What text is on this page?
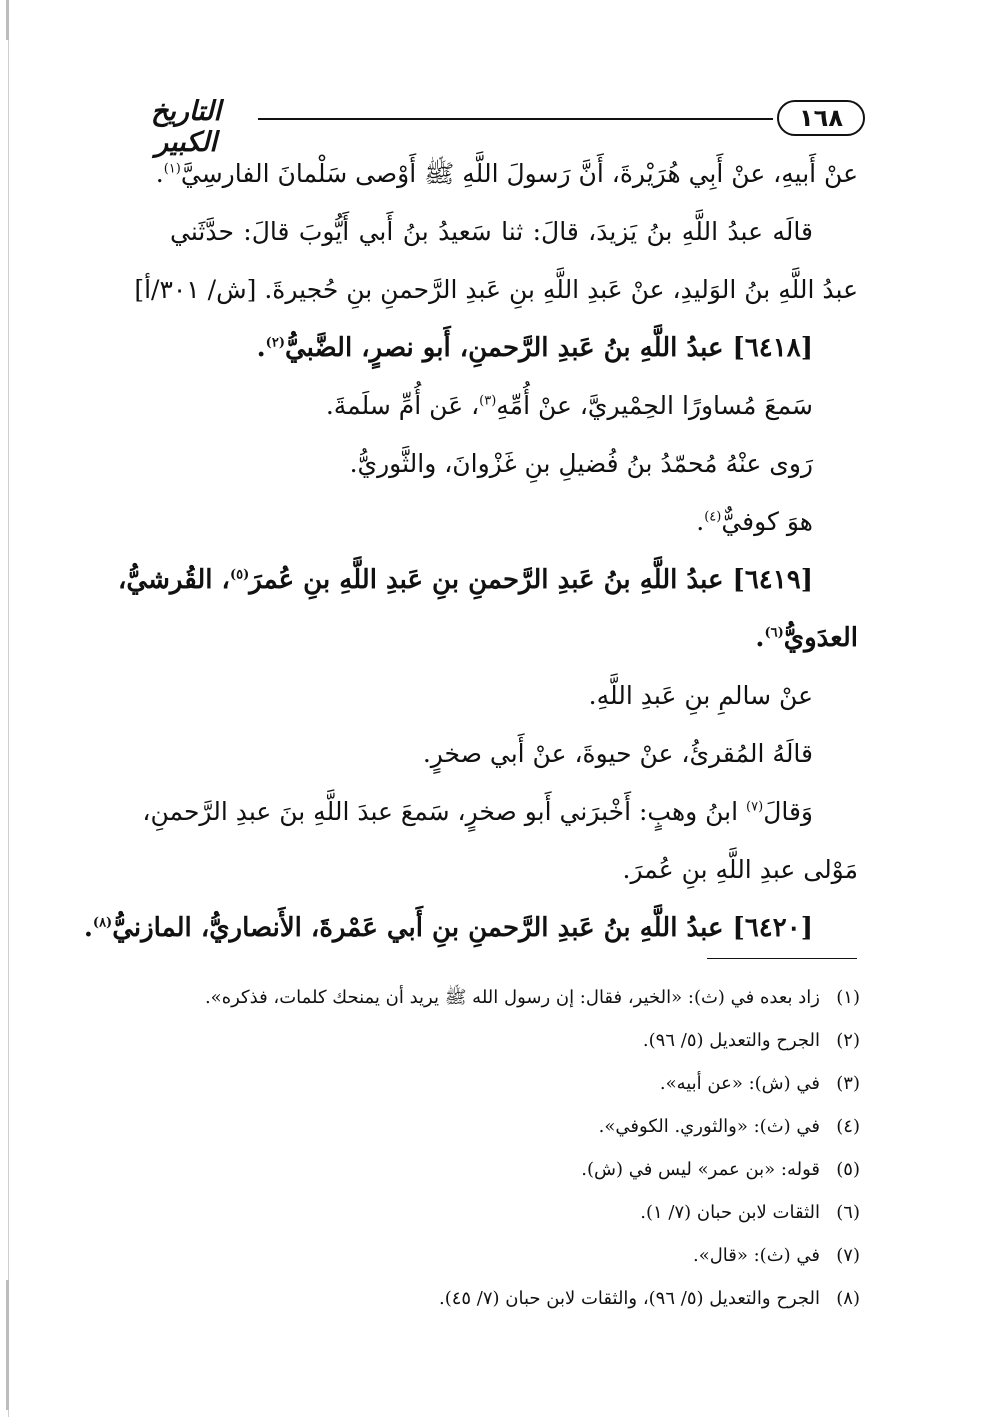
التاريخ الكبير
١٦٨
عنْ أَبيهِ، عنْ أَبِي هُرَيْرةَ، أَنَّ رَسولَ اللَّهِ ﷺ أَوْصى سَلْمانَ الفارسِيَّ$^{(١)}$.
قالَه عبدُ اللَّهِ بنُ يَزيدَ، قالَ: ثنا سَعيدُ بنُ أَبي أَيُّوبَ قالَ: حدَّثَني
عبدُ اللَّهِ بنُ الوَليدِ، عنْ عَبدِ اللَّهِ بنِ عَبدِ الرَّحمنِ بنِ حُجيرةَ. [ش/ ٣٠١/أ]
[٦٤١٨] عبدُ اللَّهِ بنُ عَبدِ الرَّحمنِ، أَبو نصرٍ، الضَّبيُّ$^{(٢)}$.
سَمعَ مُساورًا الحِمْيريَّ، عنْ أُمِّهِ$^{(٣)}$، عَن أُمِّ سلَمةَ.
رَوى عنْهُ مُحمّدُ بنُ فُضيلِ بنِ غَزْوانَ، والثَّوريُّ.
هوَ كوفيٌّ$^{(٤)}$.
[٦٤١٩] عبدُ اللَّهِ بنُ عَبدِ الرَّحمنِ بنِ عَبدِ اللَّهِ بنِ عُمرَ$^{(٥)}$، القُرشيُّ،
العدَويُّ$^{(٦)}$.
عنْ سالمِ بنِ عَبدِ اللَّهِ.
قالَهُ المُقرئُ، عنْ حيوةَ، عنْ أَبي صخرٍ.
وَقالَ$^{(٧)}$ ابنُ وهبٍ: أَخْبرَني أَبو صخرٍ، سَمعَ عبدَ اللَّهِ بنَ عبدِ الرَّحمنِ،
مَوْلى عبدِ اللَّهِ بنِ عُمرَ.
[٦٤٢٠] عبدُ اللَّهِ بنُ عَبدِ الرَّحمنِ بنِ أَبي عَمْرةَ، الأَنصاريُّ، المازنيُّ$^{(٨)}$.
(١)زاد بعده في (ث): «الخير، فقال: إن رسول الله ﷺ يريد أن يمنحك كلمات، فذكره».
(٢)الجرح والتعديل (٥/ ٩٦).
(٣)في (ش): «عن أبيه».
(٤)في (ث): «والثوري. الكوفي».
(٥)قوله: «بن عمر» ليس في (ش).
(٦)الثقات لابن حبان (٧/ ١).
(٧)في (ث): «قال».
(٨)الجرح والتعديل (٥/ ٩٦)، والثقات لابن حبان (٧/ ٤٥).
